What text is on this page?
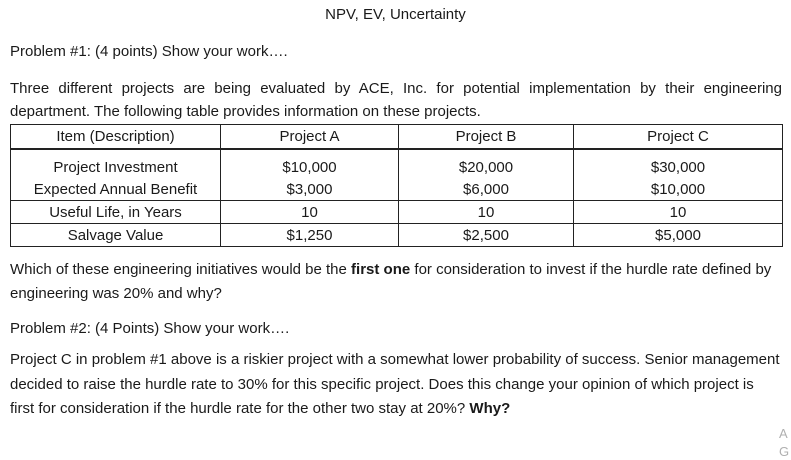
NPV, EV, Uncertainty

Problem #1: (4 points) Show your work….

Three different projects are being evaluated by ACE, Inc. for potential implementation by their engineering department. The following table provides information on these projects.

Item (Description)	Project A	Project B	Project C

Project Investment	$10,000	$20,000	$30,000
Expected Annual Benefit	$3,000	$6,000	$10,000
Useful Life, in Years	10	10	10
Salvage Value	$1,250	$2,500	$5,000

Which of these engineering initiatives would be the first one for consideration to invest if the hurdle rate defined by engineering was 20% and why?

Problem #2: (4 Points) Show your work….

Project C in problem #1 above is a riskier project with a somewhat lower probability of success. Senior management decided to raise the hurdle rate to 30% for this specific project. Does this change your opinion of which project is first for consideration if the hurdle rate for the other two stay at 20%? Why?

A
G
